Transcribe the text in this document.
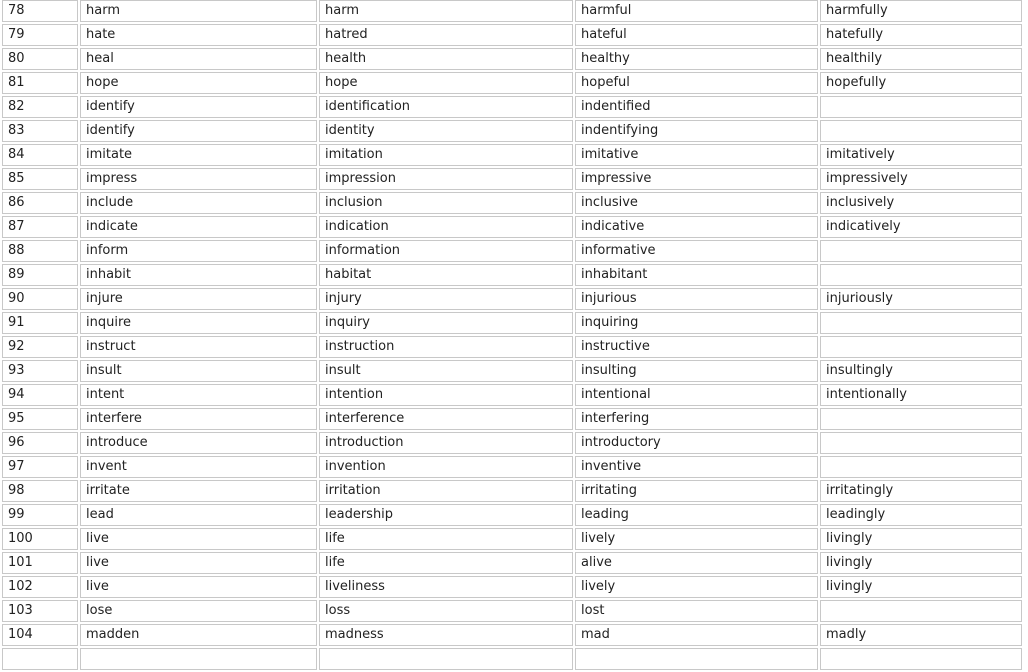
78	harm	harm	harmful	harmfully
79	hate	hatred	hateful	hatefully
80	heal	health	healthy	healthily
81	hope	hope	hopeful	hopefully
82	identify	identification	indentified	
83	identify	identity	indentifying	
84	imitate	imitation	imitative	imitatively
85	impress	impression	impressive	impressively
86	include	inclusion	inclusive	inclusively
87	indicate	indication	indicative	indicatively
88	inform	information	informative	
89	inhabit	habitat	inhabitant	
90	injure	injury	injurious	injuriously
91	inquire	inquiry	inquiring	
92	instruct	instruction	instructive	
93	insult	insult	insulting	insultingly
94	intent	intention	intentional	intentionally
95	interfere	interference	interfering	
96	introduce	introduction	introductory	
97	invent	invention	inventive	
98	irritate	irritation	irritating	irritatingly
99	lead	leadership	leading	leadingly
100	live	life	lively	livingly
101	live	life	alive	livingly
102	live	liveliness	lively	livingly
103	lose	loss	lost	
104	madden	madness	mad	madly
